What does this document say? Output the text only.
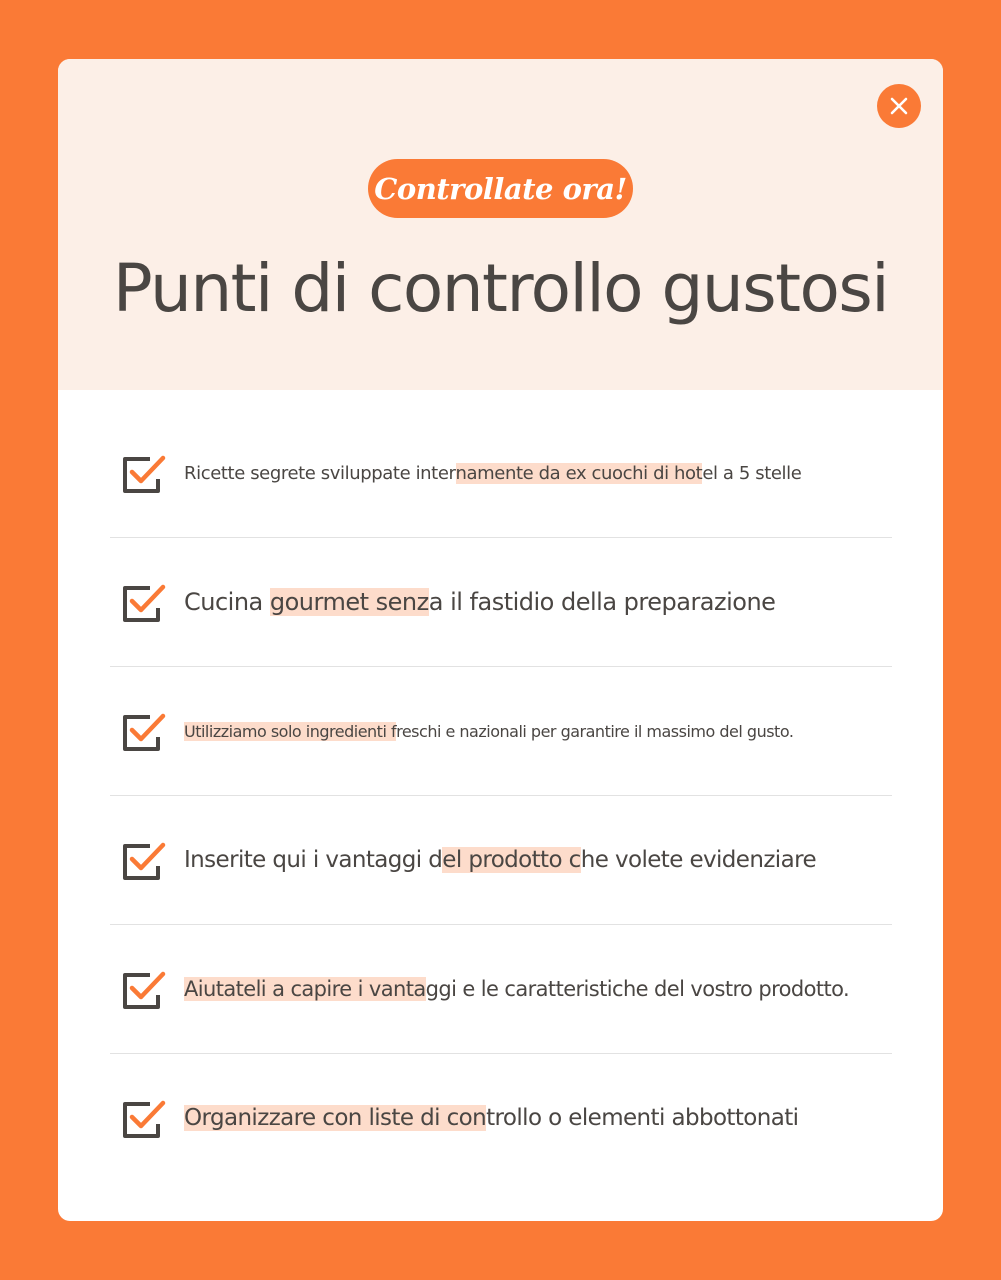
Controllate ora!
Punti di controllo gustosi
Ricette segrete sviluppate inter namente da ex cuochi di hot el a 5 stelle
Cucina gourmet senz a il fastidio della preparazione
Utilizziamo solo ingredienti f reschi e nazionali per garantire il massimo del gusto.
Inserite qui i vantaggi d el prodotto c he volete evidenziare
Aiutateli a capire i vanta ggi e le caratteristiche del vostro prodotto.
Organizzare con liste di con trollo o elementi abbottonati
